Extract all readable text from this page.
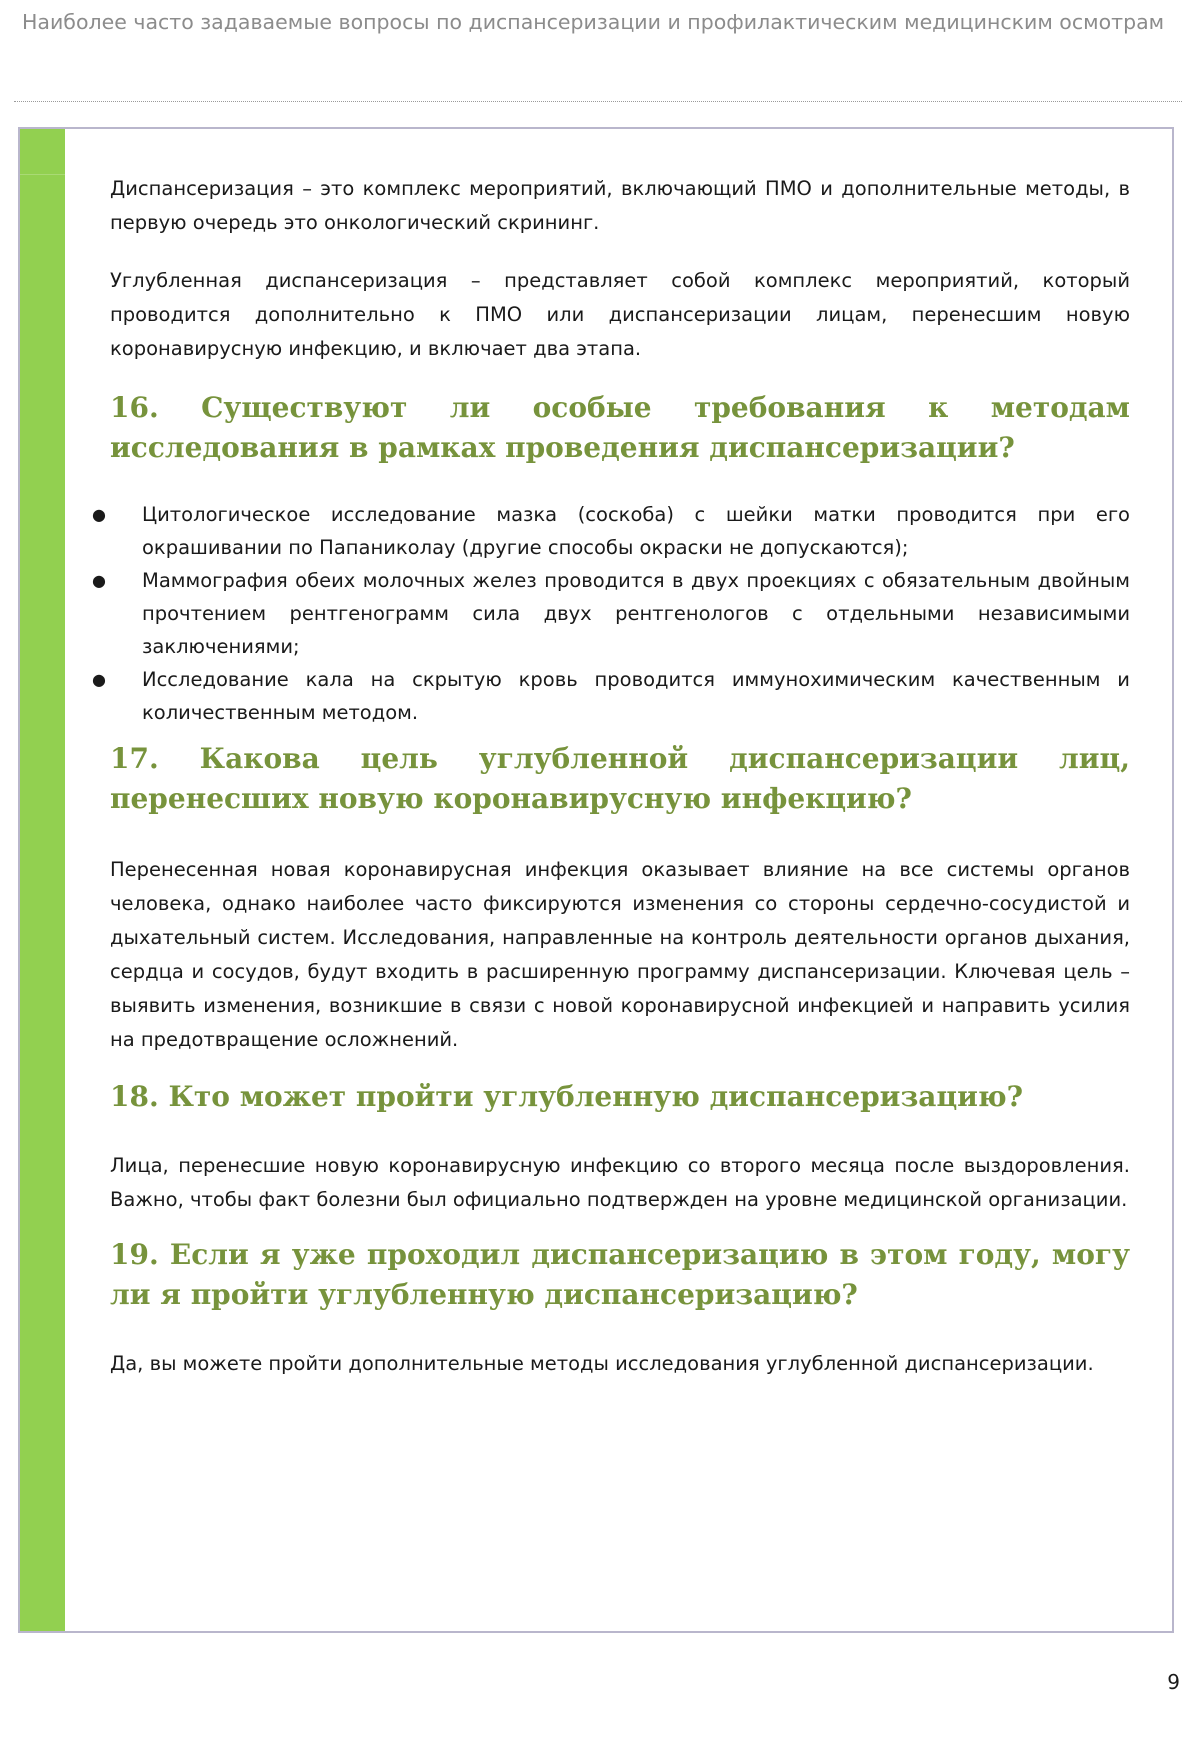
Наиболее часто задаваемые вопросы по диспансеризации и профилактическим медицинским осмотрам

Диспансеризация – это комплекс мероприятий, включающий ПМО и дополнительные методы, в первую очередь это онкологический скрининг.

Углубленная диспансеризация – представляет собой комплекс мероприятий, который проводится дополнительно к ПМО или диспансеризации лицам, перенесшим новую коронавирусную инфекцию, и включает два этапа.

16. Существуют ли особые требования к методам исследования в рамках проведения диспансеризации?
● Цитологическое исследование мазка (соскоба) с шейки матки проводится при его окрашивании по Папаниколау (другие способы окраски не допускаются);
● Маммография обеих молочных желез проводится в двух проекциях с обязательным двойным прочтением рентгенограмм сила двух рентгенологов с отдельными независимыми заключениями;
● Исследование кала на скрытую кровь проводится иммунохимическим качественным и количественным методом.
17. Какова цель углубленной диспансеризации лиц, перенесших новую коронавирусную инфекцию?

Перенесенная новая коронавирусная инфекция оказывает влияние на все системы органов человека, однако наиболее часто фиксируются изменения со стороны сердечно-сосудистой и дыхательный систем. Исследования, направленные на контроль деятельности органов дыхания, сердца и сосудов, будут входить в расширенную программу диспансеризации. Ключевая цель – выявить изменения, возникшие в связи с новой коронавирусной инфекцией и направить усилия на предотвращение осложнений.

18. Кто может пройти углубленную диспансеризацию?

Лица, перенесшие новую коронавирусную инфекцию со второго месяца после выздоровления. Важно, чтобы факт болезни был официально подтвержден на уровне медицинской организации.

19. Если я уже проходил диспансеризацию в этом году, могу ли я пройти углубленную диспансеризацию?

Да, вы можете пройти дополнительные методы исследования углубленной диспансеризации.

9
